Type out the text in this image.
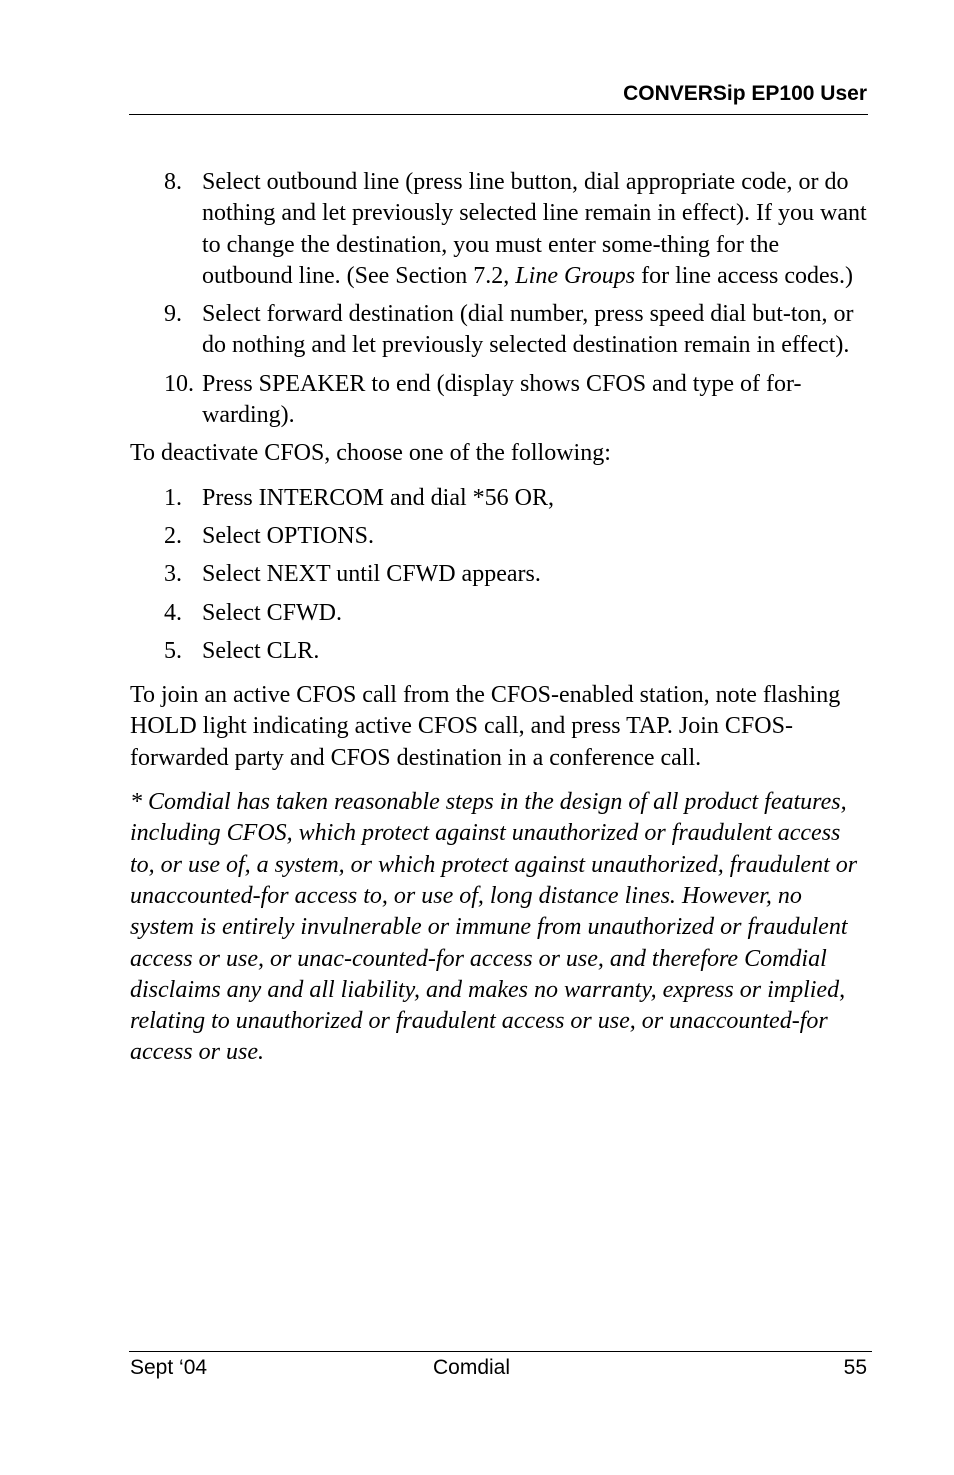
CONVERSip EP100 User
8. Select outbound line (press line button, dial appropriate code, or do nothing and let previously selected line remain in effect). If you want to change the destination, you must enter some-thing for the outbound line. (See Section 7.2, Line Groups for line access codes.)
9. Select forward destination (dial number, press speed dial but-ton, or do nothing and let previously selected destination remain in effect).
10. Press SPEAKER to end (display shows CFOS and type of for-warding).

To deactivate CFOS, choose one of the following:

1. Press INTERCOM and dial *56 OR,
2. Select OPTIONS.
3. Select NEXT until CFWD appears.
4. Select CFWD.
5. Select CLR.

To join an active CFOS call from the CFOS-enabled station, note flashing HOLD light indicating active CFOS call, and press TAP. Join CFOS-forwarded party and CFOS destination in a conference call.

* Comdial has taken reasonable steps in the design of all product features, including CFOS, which protect against unauthorized or fraudulent access to, or use of, a system, or which protect against unauthorized, fraudulent or unaccounted-for access to, or use of, long distance lines. However, no system is entirely invulnerable or immune from unauthorized or fraudulent access or use, or unac-counted-for access or use, and therefore Comdial disclaims any and all liability, and makes no warranty, express or implied, relating to unauthorized or fraudulent access or use, or unaccounted-for access or use.

Sept ‘04	Comdial	55
